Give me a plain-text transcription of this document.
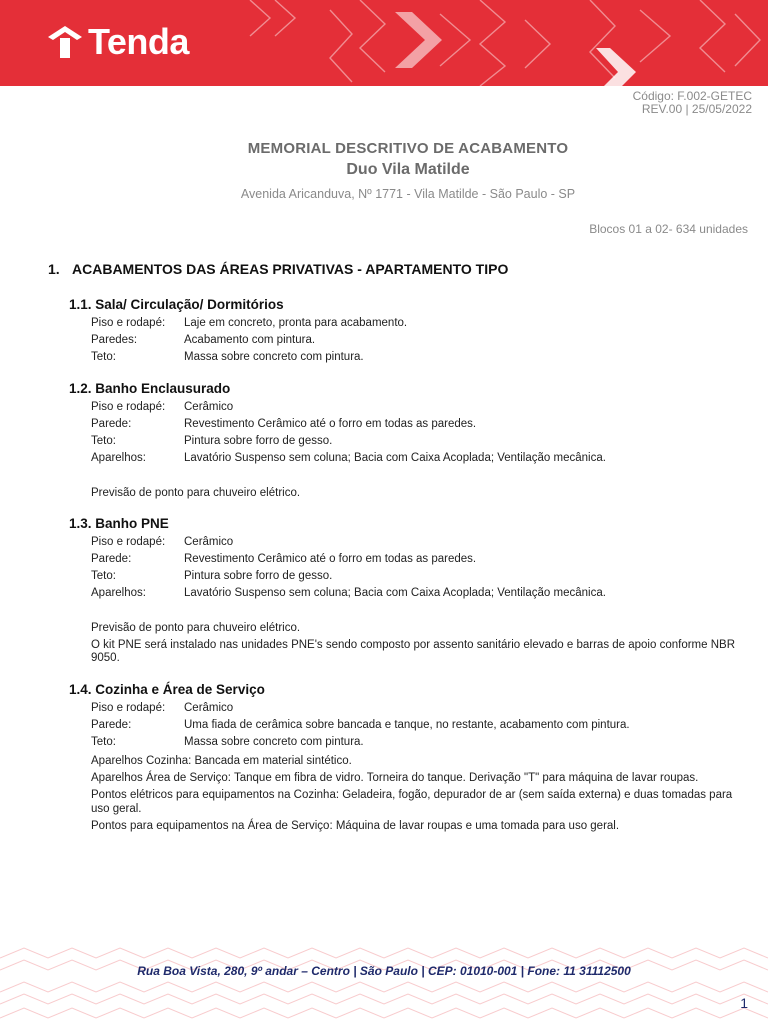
Tenda
Código: F.002-GETEC
REV.00 | 25/05/2022
MEMORIAL DESCRITIVO DE ACABAMENTO
Duo Vila Matilde
Avenida Aricanduva, Nº 1771 - Vila Matilde - São Paulo - SP
Blocos 01 a 02- 634 unidades
1. ACABAMENTOS DAS ÁREAS PRIVATIVAS - APARTAMENTO TIPO
1.1. Sala/ Circulação/ Dormitórios
Piso e rodapé:	Laje em concreto, pronta para acabamento.
Paredes:	Acabamento com pintura.
Teto:	Massa sobre concreto com pintura.
1.2. Banho Enclausurado
Piso e rodapé:	Cerâmico
Parede:	Revestimento Cerâmico até o forro em todas as paredes.
Teto:	Pintura sobre forro de gesso.
Aparelhos:	Lavatório Suspenso sem coluna; Bacia com Caixa Acoplada; Ventilação mecânica.
Previsão de ponto para chuveiro elétrico.
1.3. Banho PNE
Piso e rodapé:	Cerâmico
Parede:	Revestimento Cerâmico até o forro em todas as paredes.
Teto:	Pintura sobre forro de gesso.
Aparelhos:	Lavatório Suspenso sem coluna; Bacia com Caixa Acoplada; Ventilação mecânica.
Previsão de ponto para chuveiro elétrico.
O kit PNE será instalado nas unidades PNE's sendo composto por assento sanitário elevado e barras de apoio conforme NBR 9050.
1.4. Cozinha e Área de Serviço
Piso e rodapé:	Cerâmico
Parede:	Uma fiada de cerâmica sobre bancada e tanque, no restante, acabamento com pintura.
Teto:	Massa sobre concreto com pintura.
Aparelhos Cozinha: Bancada em material sintético.
Aparelhos Área de Serviço: Tanque em fibra de vidro. Torneira do tanque. Derivação "T" para máquina de lavar roupas.
Pontos elétricos para equipamentos na Cozinha: Geladeira, fogão, depurador de ar (sem saída externa) e duas tomadas para uso geral.
Pontos para equipamentos na Área de Serviço: Máquina de lavar roupas e uma tomada para uso geral.
Rua Boa Vista, 280, 9º andar – Centro | São Paulo | CEP: 01010-001 | Fone: 11 31112500
1
